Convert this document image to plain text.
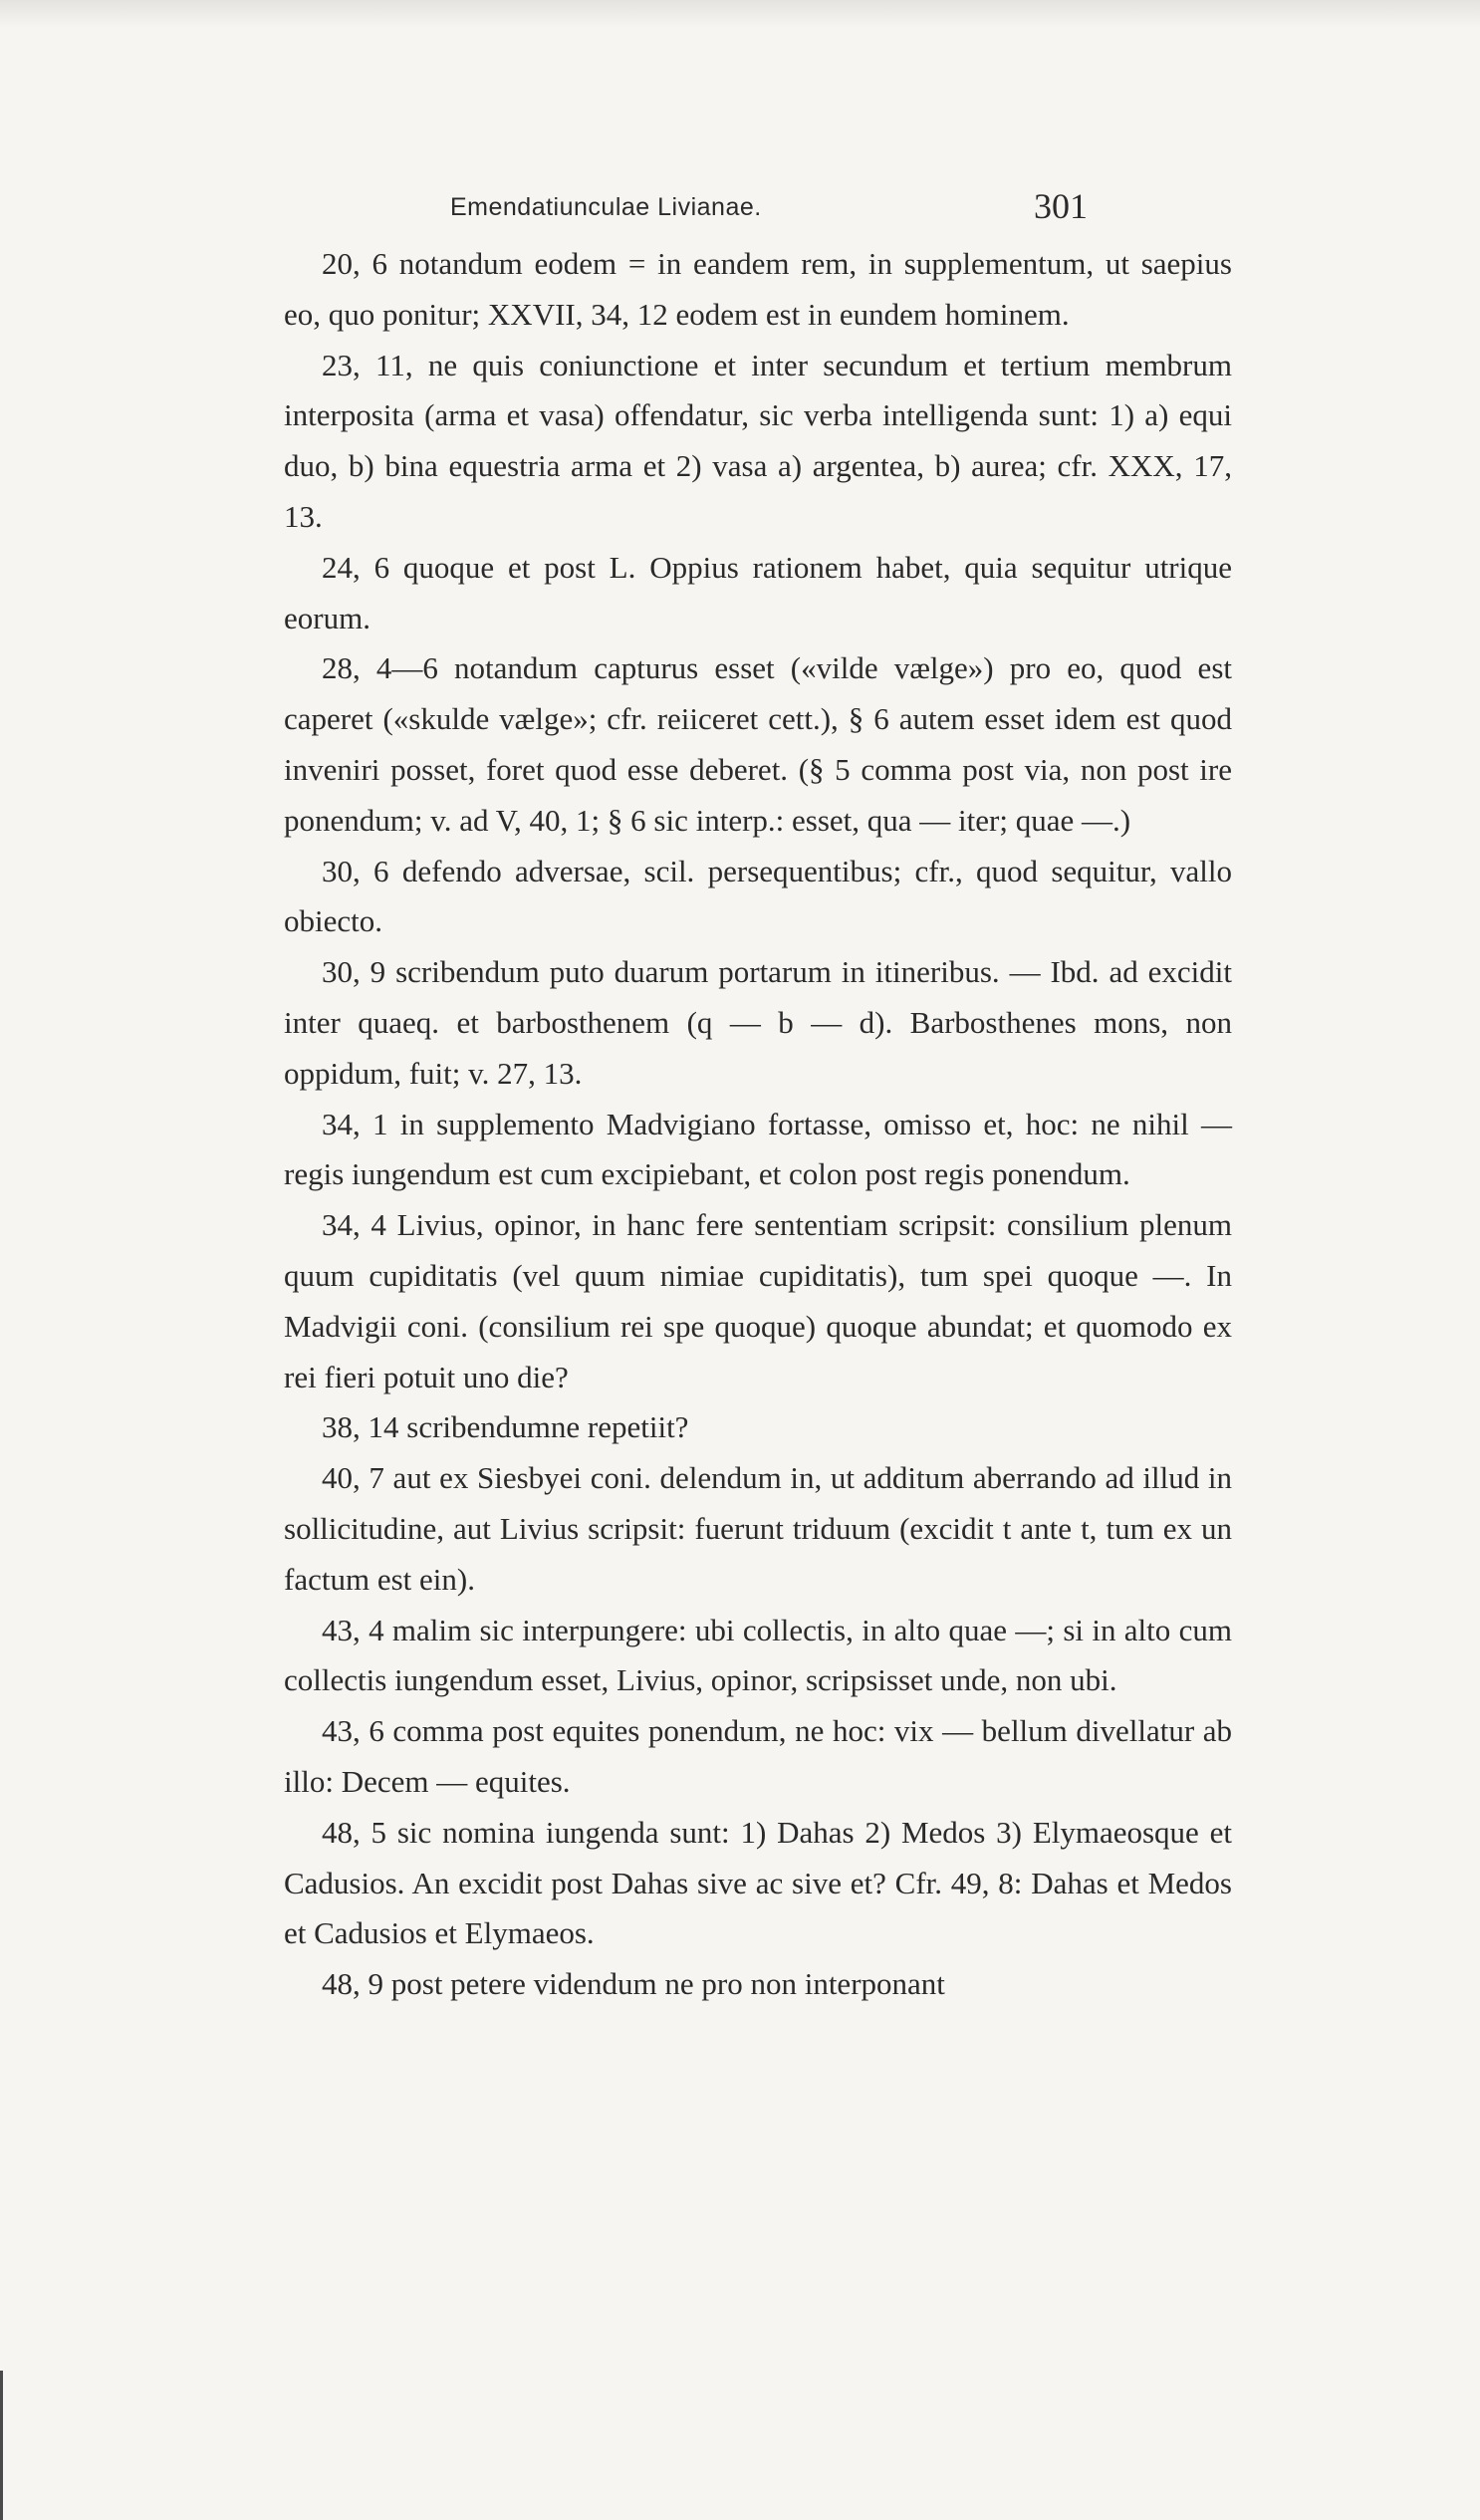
Emendatiunculae Livianae.	301

20, 6 notandum eodem = in eandem rem, in supplementum, ut saepius eo, quo ponitur; XXVII, 34, 12 eodem est in eundem hominem.

23, 11, ne quis coniunctione et inter secundum et tertium membrum interposita (arma et vasa) offendatur, sic verba intelligenda sunt: 1) a) equi duo, b) bina equestria arma et 2) vasa a) argentea, b) aurea; cfr. XXX, 17, 13.

24, 6 quoque et post L. Oppius rationem habet, quia sequitur utrique eorum.

28, 4—6 notandum capturus esset («vilde vælge») pro eo, quod est caperet («skulde vælge»; cfr. reiiceret cett.), § 6 autem esset idem est quod inveniri posset, foret quod esse deberet. (§ 5 comma post via, non post ire ponendum; v. ad V, 40, 1; § 6 sic interp.: esset, qua — iter; quae —.)

30, 6 defendo adversae, scil. persequentibus; cfr., quod sequitur, vallo obiecto.

30, 9 scribendum puto duarum portarum in itineribus. — Ibd. ad excidit inter quaeq. et barbosthenem (q — b — d). Barbosthenes mons, non oppidum, fuit; v. 27, 13.

34, 1 in supplemento Madvigiano fortasse, omisso et, hoc: ne nihil — regis iungendum est cum excipiebant, et colon post regis ponendum.

34, 4 Livius, opinor, in hanc fere sententiam scripsit: consilium plenum quum cupiditatis (vel quum nimiae cupiditatis), tum spei quoque —. In Madvigii coni. (consilium rei spe quoque) quoque abundat; et quomodo ex rei fieri potuit uno die?

38, 14 scribendumne repetiit?

40, 7 aut ex Siesbyei coni. delendum in, ut additum aberrando ad illud in sollicitudine, aut Livius scripsit: fuerunt triduum (excidit t ante t, tum ex un factum est ein).

43, 4 malim sic interpungere: ubi collectis, in alto quae —; si in alto cum collectis iungendum esset, Livius, opinor, scripsisset unde, non ubi.

43, 6 comma post equites ponendum, ne hoc: vix — bellum divellatur ab illo: Decem — equites.

48, 5 sic nomina iungenda sunt: 1) Dahas 2) Medos 3) Elymaeosque et Cadusios. An excidit post Dahas sive ac sive et? Cfr. 49, 8: Dahas et Medos et Cadusios et Elymaeos.

48, 9 post petere videndum ne pro non interponant
